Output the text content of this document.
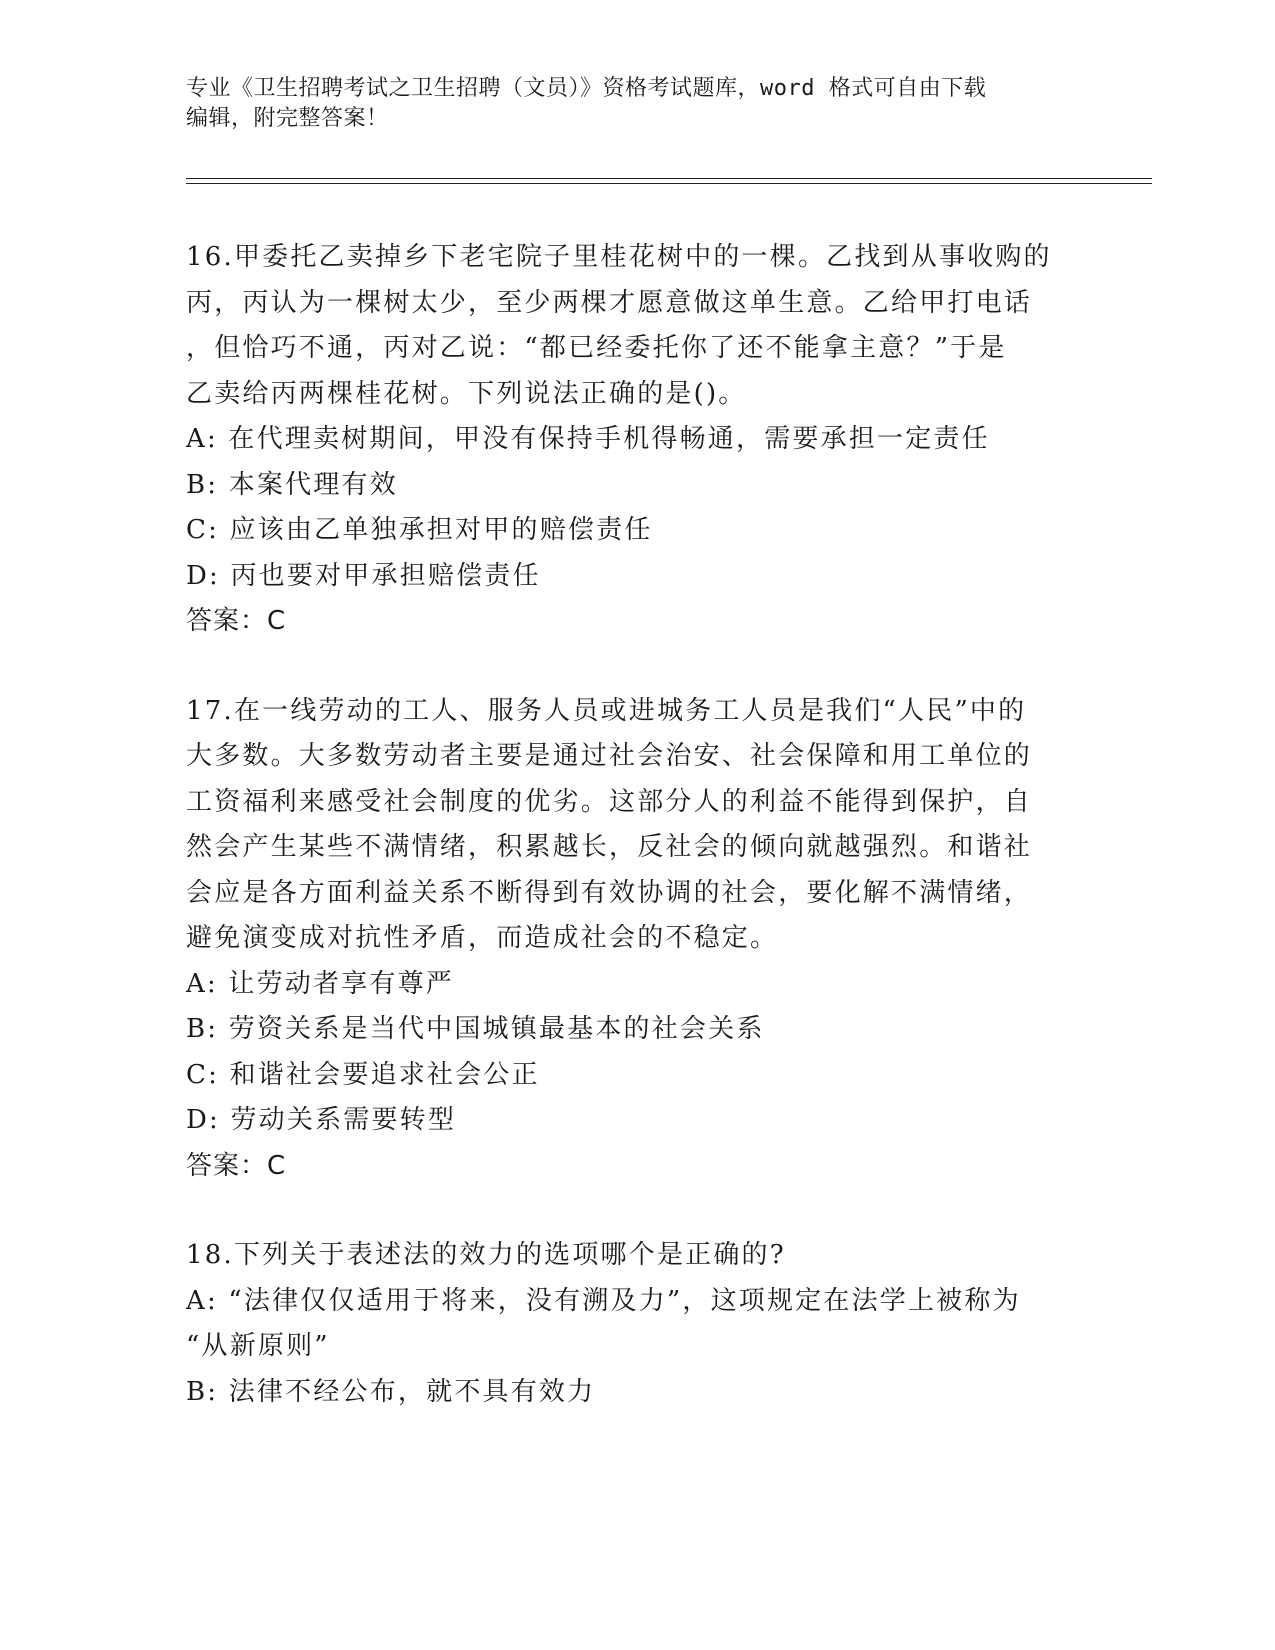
专业《卫生招聘考试之卫生招聘（文员）》资格考试题库，word 格式可自由下载
编辑，附完整答案！
16.甲委托乙卖掉乡下老宅院子里桂花树中的一棵。乙找到从事收购的
丙，丙认为一棵树太少，至少两棵才愿意做这单生意。乙给甲打电话
，但恰巧不通，丙对乙说：“都已经委托你了还不能拿主意？”于是
乙卖给丙两棵桂花树。下列说法正确的是()。
A: 在代理卖树期间，甲没有保持手机得畅通，需要承担一定责任
B: 本案代理有效
C: 应该由乙单独承担对甲的赔偿责任
D: 丙也要对甲承担赔偿责任
答案：C
17.在一线劳动的工人、服务人员或进城务工人员是我们“人民”中的
大多数。大多数劳动者主要是通过社会治安、社会保障和用工单位的
工资福利来感受社会制度的优劣。这部分人的利益不能得到保护，自
然会产生某些不满情绪，积累越长，反社会的倾向就越强烈。和谐社
会应是各方面利益关系不断得到有效协调的社会，要化解不满情绪，
避免演变成对抗性矛盾，而造成社会的不稳定。
A: 让劳动者享有尊严
B: 劳资关系是当代中国城镇最基本的社会关系
C: 和谐社会要追求社会公正
D: 劳动关系需要转型
答案：C
18.下列关于表述法的效力的选项哪个是正确的?
A: “法律仅仅适用于将来，没有溯及力”，这项规定在法学上被称为
“从新原则”
B: 法律不经公布，就不具有效力
